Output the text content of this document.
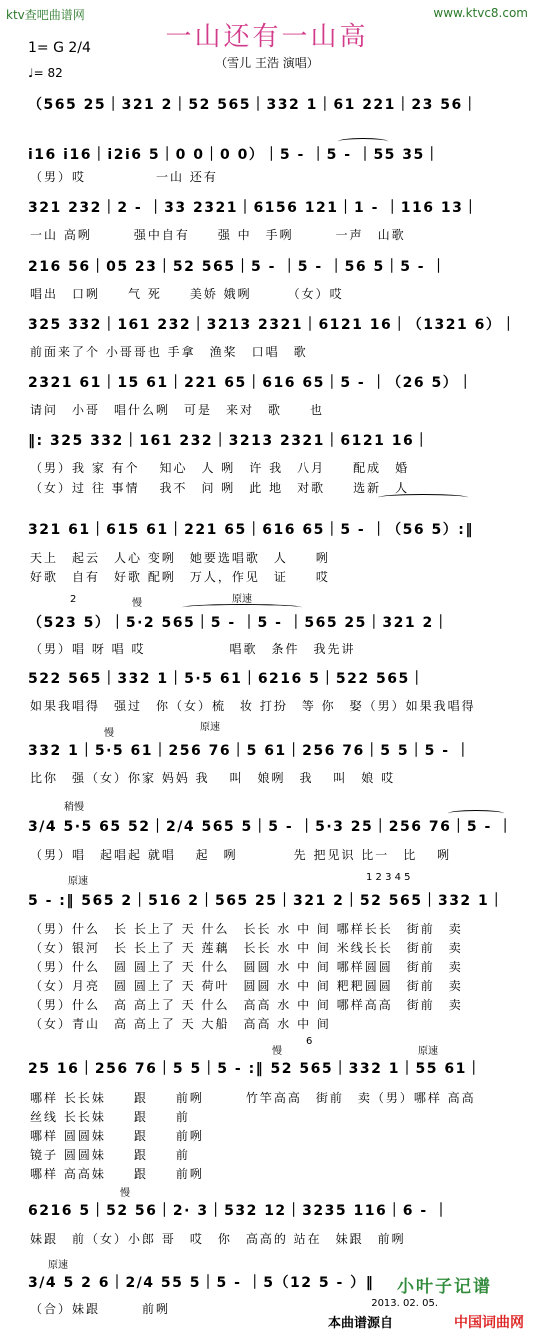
ktv查吧曲谱网	www.ktvc8.com
一山还有一山高
1= G 2/4
（雪儿 王浩 演唱）
♩= 82
（565 25｜321 2｜52 565｜332 1｜61 221｜23 56｜
i16 i16｜i2i6 5｜0 0｜0 0）｜5 - ｜5 - ｜55 35｜
（男）哎　　　　　一山 还有
321 232｜2 - ｜33 2321｜6156 121｜1 - ｜116 13｜
一山 高咧　　　强中自有　　强 中　手咧　　　一声　山歌
216 56｜05 23｜52 565｜5 - ｜5 - ｜56 5｜5 - ｜
唱出　口咧　　气 死　　美娇 娥咧　　　（女）哎
325 332｜161 232｜3213 2321｜6121 16｜（1321 6）｜
前面来了个 小哥哥也 手拿　渔桨　口唱　歌
2321 61｜15 61｜221 65｜616 65｜5 - ｜（26 5）｜
请问　小哥　唱什么咧　可是　来对　歌　　也
‖: 325 332｜161 232｜3213 2321｜6121 16｜
（男）我 家 有个　 知心　人 咧　许 我　八月　　配成　婚
（女）过 往 事情　 我不　问 咧　此 地　对歌　　选新　人
321 61｜615 61｜221 65｜616 65｜5 - ｜（56 5）:‖
天上　起云　人心 变咧　她要选唱歌　人　　咧
好歌　自有　好歌 配咧　万人，作见　证　　哎
2	慢	原速
（523 5）｜5·2 565｜5 - ｜5 - ｜565 25｜321 2｜
（男）唱 呀 唱 哎　　　　　　唱歌　条件　我先讲
522 565｜332 1｜5·5 61｜6216 5｜522 565｜
如果我唱得　强过　你（女）梳　妆 打扮　等 你　娶（男）如果我唱得
慢
原速
332 1｜5·5 61｜256 76｜5 61｜256 76｜5 5｜5 - ｜
比你　强（女）你家 妈妈 我　 叫　娘咧　我　 叫　娘 哎
稍慢
3/4 5·5 65 52｜2/4 565 5｜5 - ｜5·3 25｜256 76｜5 - ｜
（男）唱　起唱起 就唱　 起　咧　　　　先 把见识 比一　比　 咧
原速	1 2 3 4 5
5 - :‖ 565 2｜516 2｜565 25｜321 2｜52 565｜332 1｜
（男）什么　长 长上了 天 什么　长长 水 中 间 哪样长长　街前　卖
（女）银河　长 长上了 天 莲藕　长长 水 中 间 米线长长　街前　卖
（男）什么　圆 圆上了 天 什么　圆圆 水 中 间 哪样圆圆　街前　卖
（女）月亮　圆 圆上了 天 荷叶　圆圆 水 中 间 粑粑圆圆　街前　卖
（男）什么　高 高上了 天 什么　高高 水 中 间 哪样高高　街前　卖
（女）青山　高 高上了 天 大船　高高 水 中 间
慢
6
原速
25 16｜256 76｜5 5｜5 - :‖ 52 565｜332 1｜55 61｜
哪样 长长妹　　跟　　前咧　　　竹竿高高　街前　卖（男）哪样 高高
丝线 长长妹　　跟　　前
哪样 圆圆妹　　跟　　前咧
镜子 圆圆妹　　跟　　前
哪样 高高妹　　跟　　前咧
慢
6216 5｜52 56｜2· 3｜532 12｜3235 116｜6 - ｜
妹跟　前（女）小郎 哥　哎　你　高高的 站在　妹跟　前咧
原速
3/4 5 2 6｜2/4 55 5｜5 - ｜5（12 5 - ）‖
（合）妹跟　　　前咧
小叶子记谱
2013. 02. 05.
本曲谱源自	中国词曲网
